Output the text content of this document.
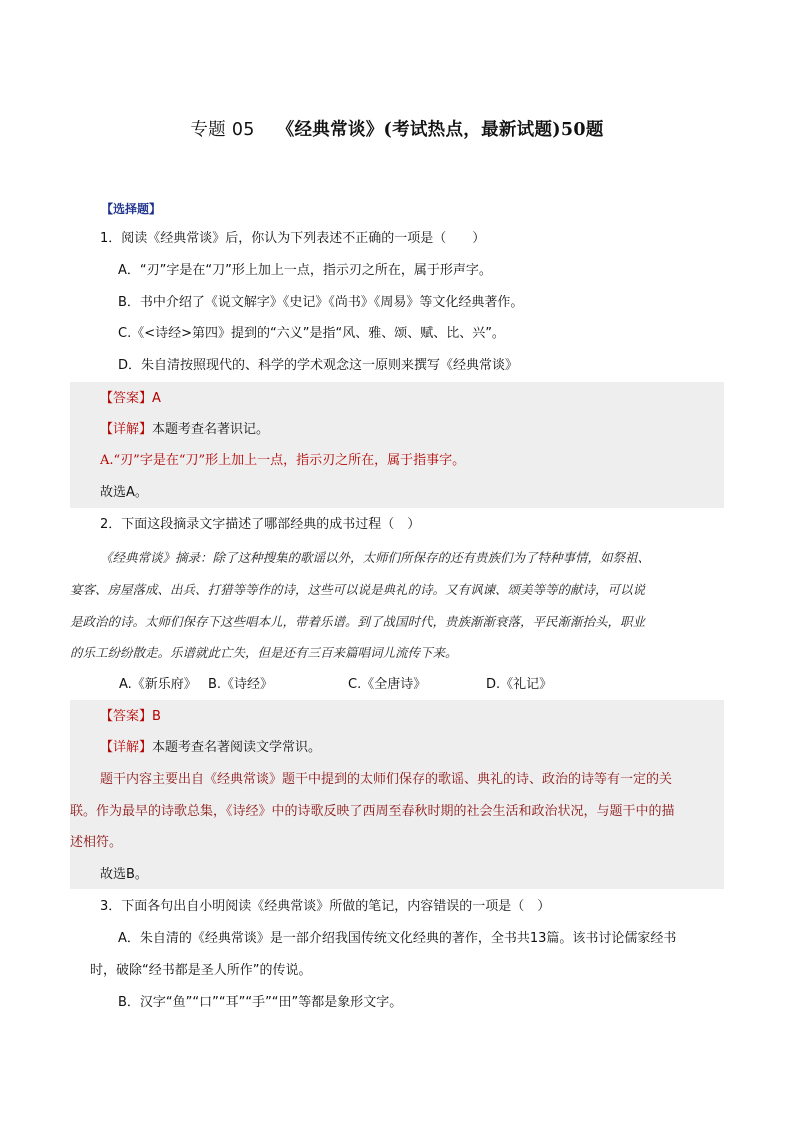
专题 05 《经典常谈》(考试热点，最新试题)50题
【选择题】
1．阅读《经典常谈》后，你认为下列表述不正确的一项是（　　）
A．“刃”字是在“刀”形上加上一点，指示刃之所在，属于形声字。
B．书中介绍了《说文解字》《史记》《尚书》《周易》等文化经典著作。
C.《<诗经>第四》提到的“六义”是指“风、雅、颂、赋、比、兴”。
D．朱自清按照现代的、科学的学术观念这一原则来撰写《经典常谈》
【答案】A
【详解】本题考查名著识记。
A.“刃”字是在“刀”形上加上一点，指示刃之所在，属于指事字。
故选A。
2．下面这段摘录文字描述了哪部经典的成书过程（　）
《经典常谈》摘录：除了这种搜集的歌谣以外，太师们所保存的还有贵族们为了特种事情，如祭祖、
宴客、房屋落成、出兵、打猎等等作的诗，这些可以说是典礼的诗。又有讽谏、颂美等等的献诗，可以说
是政治的诗。太师们保存下这些唱本儿，带着乐谱。到了战国时代，贵族渐渐衰落，平民渐渐抬头，职业
的乐工纷纷散走。乐谱就此亡失，但是还有三百来篇唱词儿流传下来。
A.《新乐府》 B.《诗经》	C.《全唐诗》	D.《礼记》
【答案】B
【详解】本题考查名著阅读文学常识。
题干内容主要出自《经典常谈》题干中提到的太师们保存的歌谣、典礼的诗、政治的诗等有一定的关
联。作为最早的诗歌总集，《诗经》中的诗歌反映了西周至春秋时期的社会生活和政治状况，与题干中的描
述相符。
故选B。
3．下面各句出自小明阅读《经典常谈》所做的笔记，内容错误的一项是（　）
A．朱自清的《经典常谈》是一部介绍我国传统文化经典的著作，全书共13篇。该书讨论儒家经书
时，破除“经书都是圣人所作”的传说。
B．汉字“鱼”“口”“耳”“手”“田”等都是象形文字。
